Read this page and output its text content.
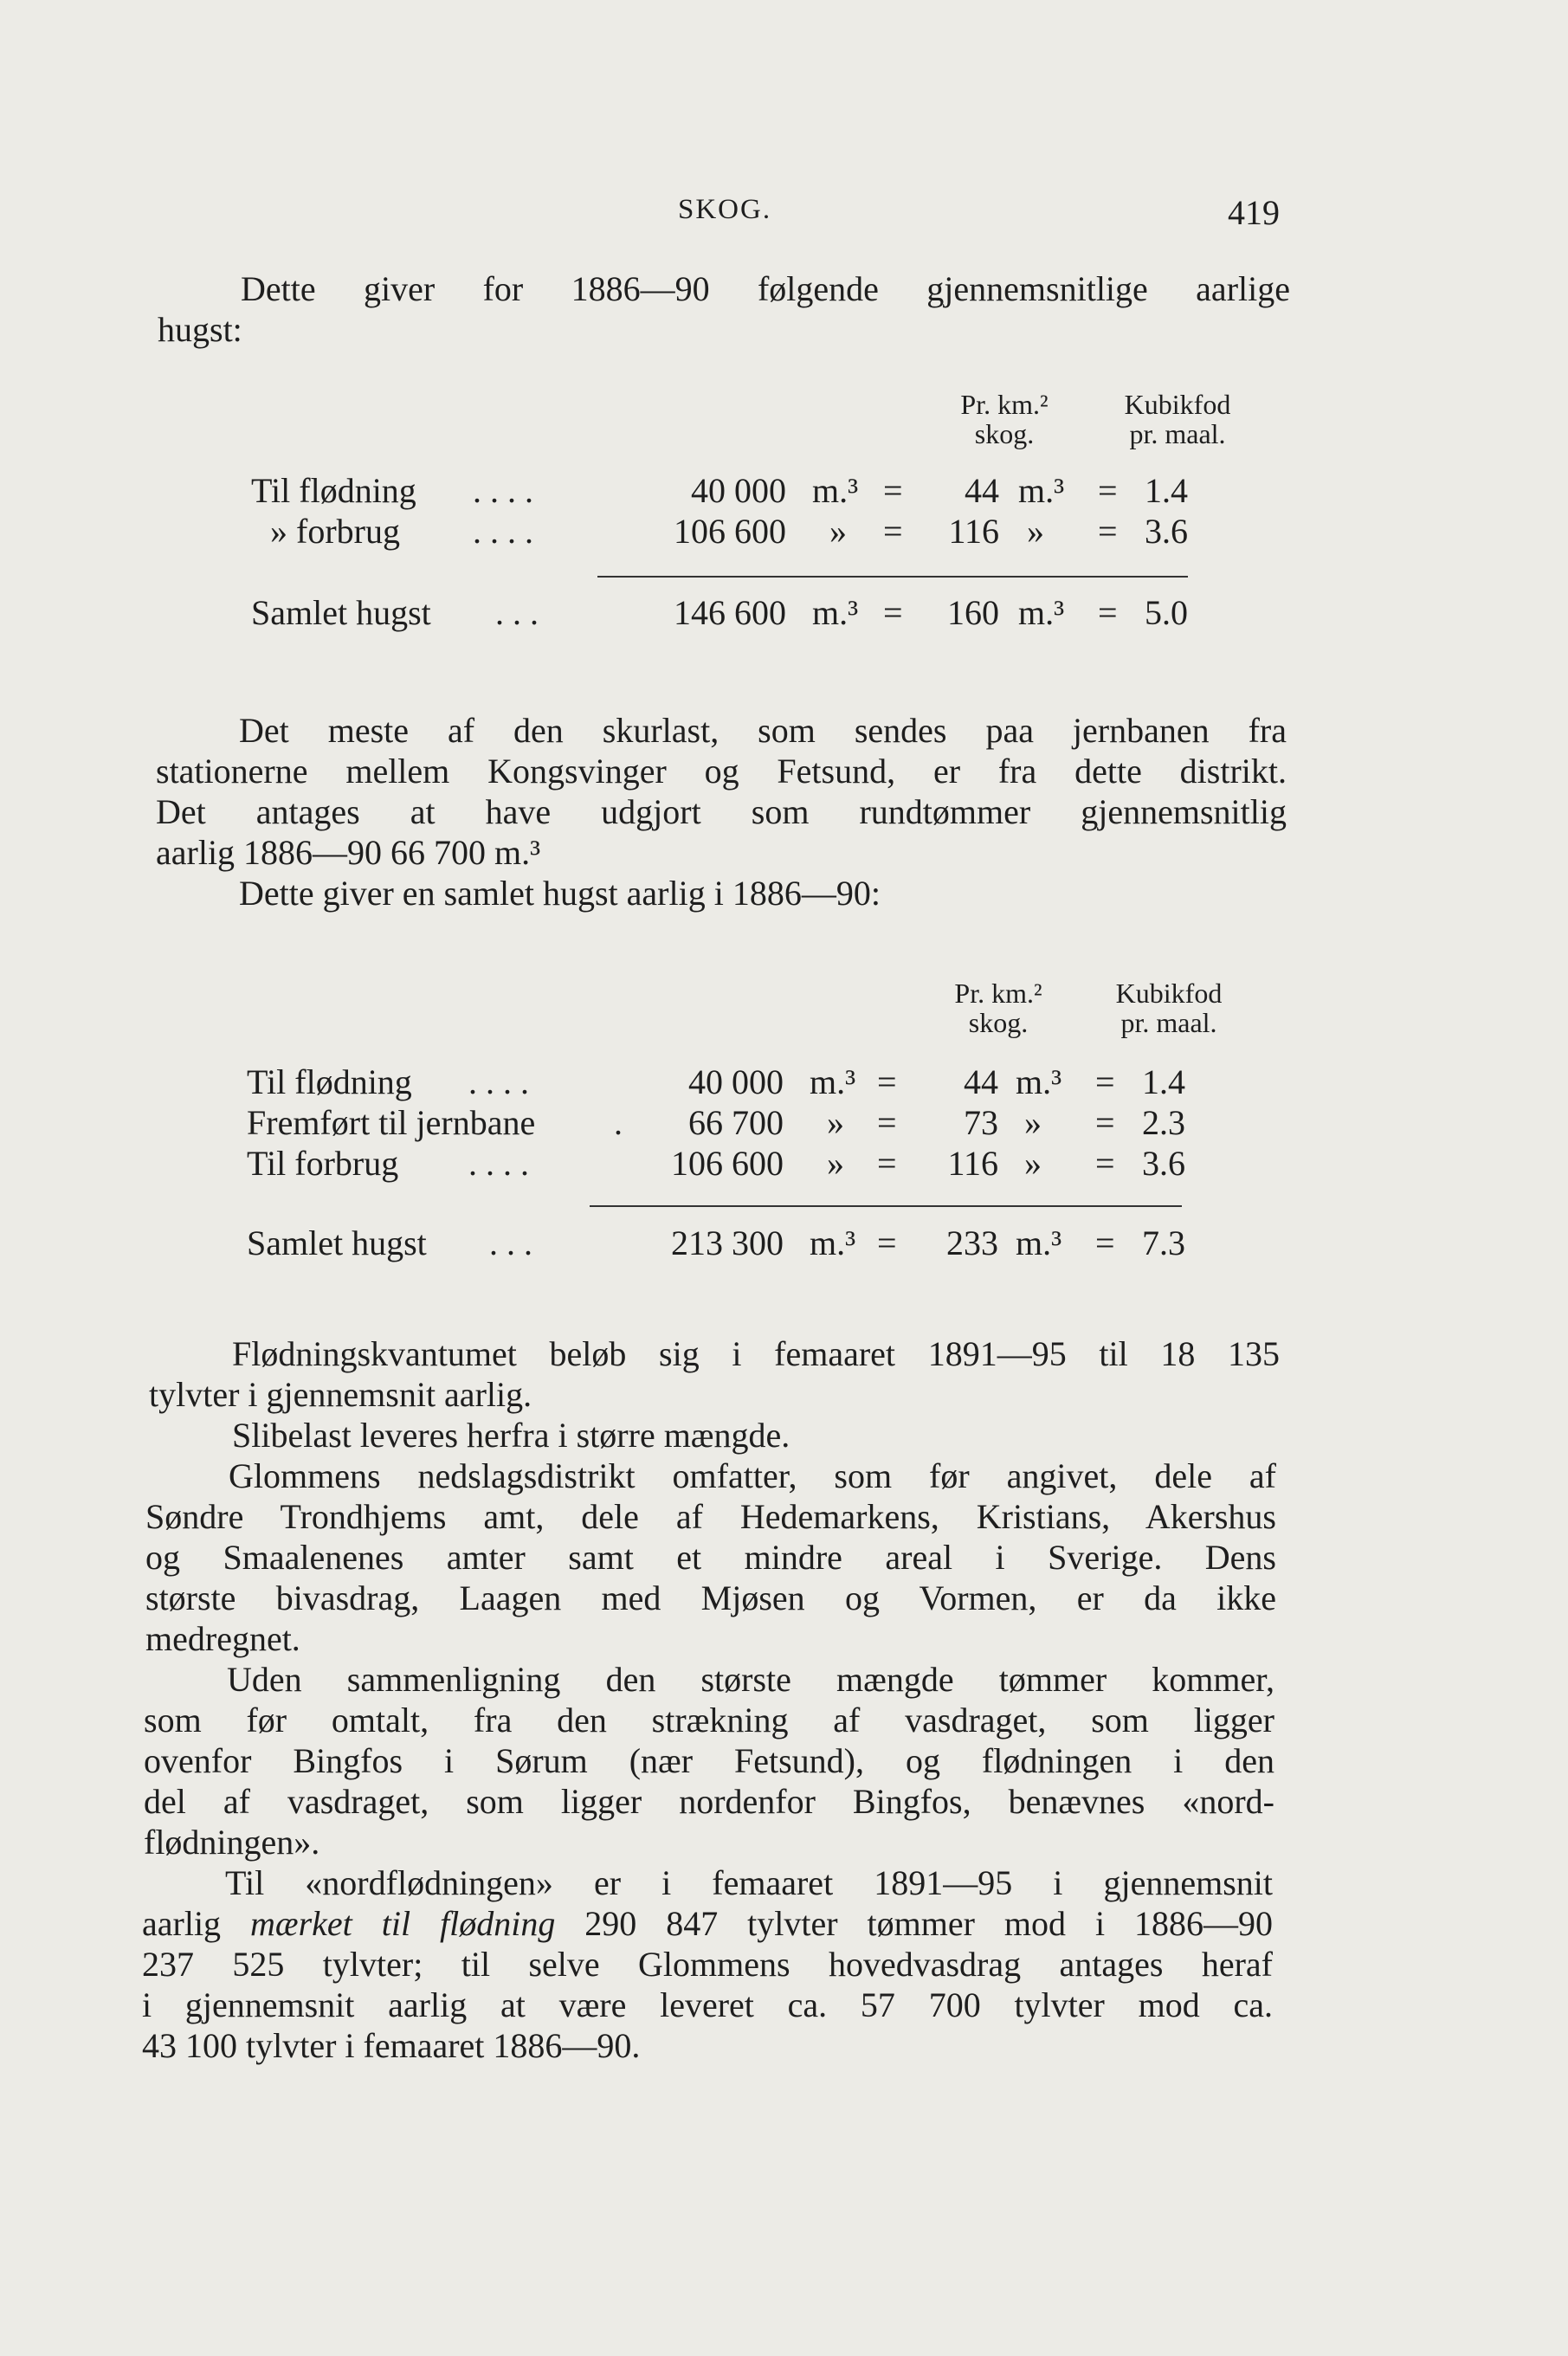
SKOG.	419
Dette giver for 1886—90 følgende gjennemsnitlige aarlige
hugst:
Pr. km.²
skog.
Kubikfod
pr. maal.
Til flødning . . . .	40 000 m.³ = 44 m.³ = 1.4
» forbrug . . . .	106 600 » = 116 » = 3.6
Samlet hugst . . .	146 600 m.³ = 160 m.³ = 5.0
Det meste af den skurlast, som sendes paa jernbanen fra
stationerne mellem Kongsvinger og Fetsund, er fra dette distrikt.
Det antages at have udgjort som rundtømmer gjennemsnitlig
aarlig 1886—90 66 700 m.³
Dette giver en samlet hugst aarlig i 1886—90:
Pr. km.²
skog.
Kubikfod
pr. maal.
Til flødning . . . .	40 000 m.³ = 44 m.³ = 1.4
Fremført til jernbane . 66 700 » = 73 » = 2.3
Til forbrug . . . .	106 600 » = 116 » = 3.6
Samlet hugst . . .	213 300 m.³ = 233 m.³ = 7.3
Flødningskvantumet beløb sig i femaaret 1891—95 til 18 135
tylvter i gjennemsnit aarlig.
Slibelast leveres herfra i større mængde.
Glommens nedslagsdistrikt omfatter, som før angivet, dele af
Søndre Trondhjems amt, dele af Hedemarkens, Kristians, Akershus
og Smaalenenes amter samt et mindre areal i Sverige. Dens
største bivasdrag, Laagen med Mjøsen og Vormen, er da ikke
medregnet.
Uden sammenligning den største mængde tømmer kommer,
som før omtalt, fra den strækning af vasdraget, som ligger
ovenfor Bingfos i Sørum (nær Fetsund), og flødningen i den
del af vasdraget, som ligger nordenfor Bingfos, benævnes «nord-
flødningen».
Til «nordflødningen» er i femaaret 1891—95 i gjennemsnit
aarlig mærket til flødning 290 847 tylvter tømmer mod i 1886—90
237 525 tylvter; til selve Glommens hovedvasdrag antages heraf
i gjennemsnit aarlig at være leveret ca. 57 700 tylvter mod ca.
43 100 tylvter i femaaret 1886—90.
